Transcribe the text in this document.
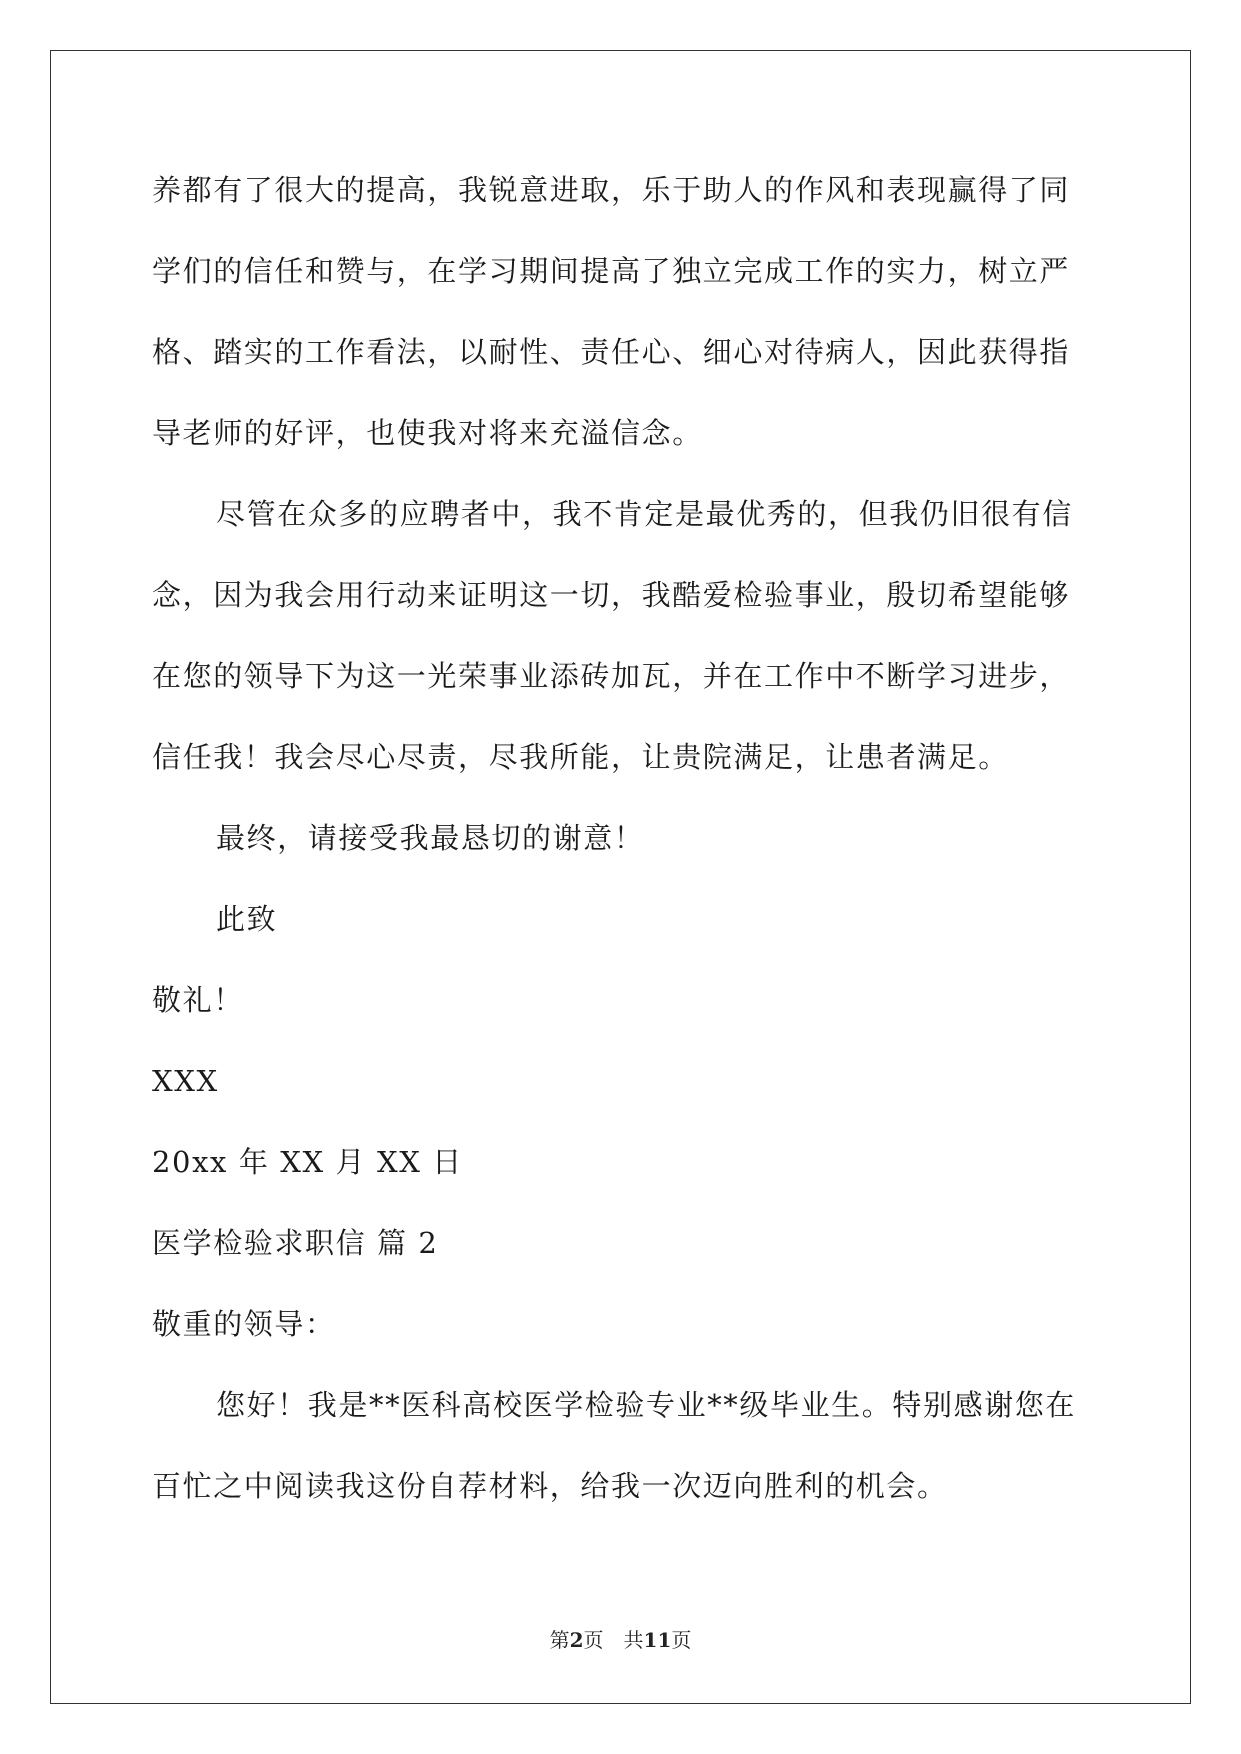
养都有了很大的提高，我锐意进取，乐于助人的作风和表现赢得了同
学们的信任和赞与，在学习期间提高了独立完成工作的实力，树立严
格、踏实的工作看法，以耐性、责任心、细心对待病人，因此获得指
导老师的好评，也使我对将来充溢信念。
尽管在众多的应聘者中，我不肯定是最优秀的，但我仍旧很有信
念，因为我会用行动来证明这一切，我酷爱检验事业，殷切希望能够
在您的领导下为这一光荣事业添砖加瓦，并在工作中不断学习进步，
信任我！我会尽心尽责，尽我所能，让贵院满足，让患者满足。
最终，请接受我最恳切的谢意！
此致
敬礼！
XXX
20xx 年 XX 月 XX 日
医学检验求职信 篇 2
敬重的领导：
您好！我是**医科高校医学检验专业**级毕业生。特别感谢您在
百忙之中阅读我这份自荐材料，给我一次迈向胜利的机会。
第2页 共11页
